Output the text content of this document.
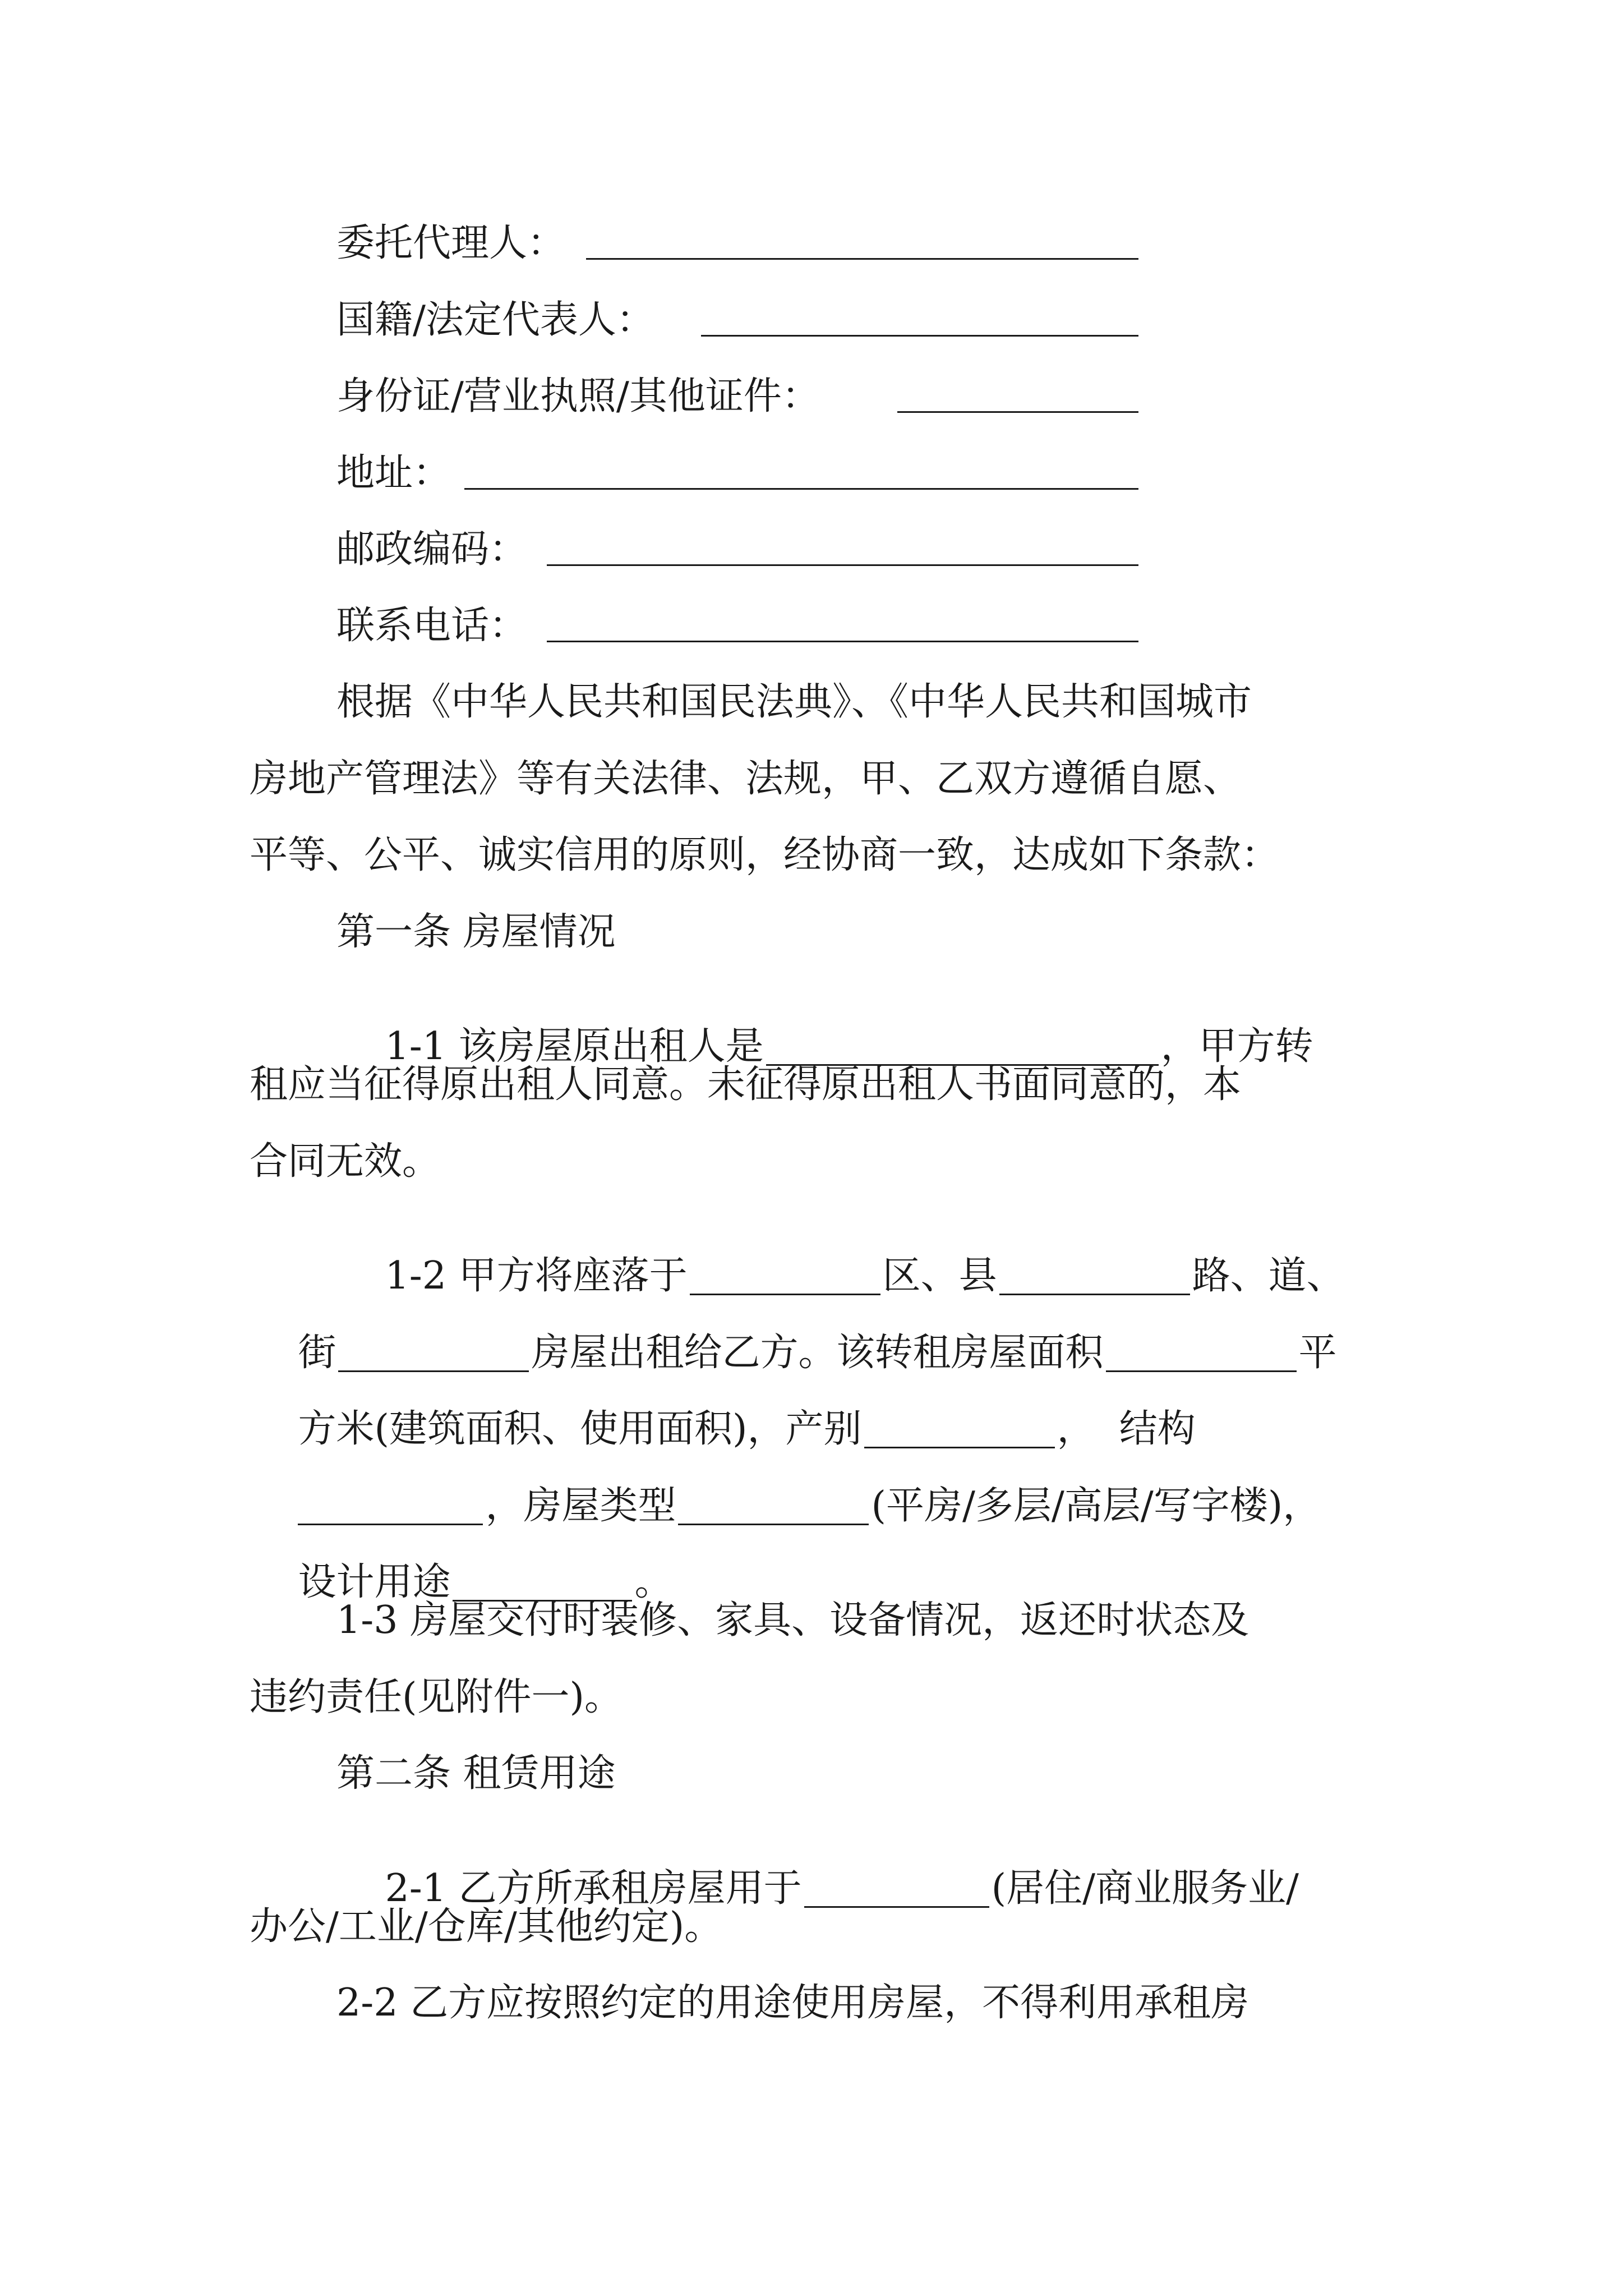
委托代理人：

国籍/法定代表人：

身份证/营业执照/其他证件：

地址：

邮政编码：

联系电话：

根据《中华人民共和国民法典》、《中华人民共和国城市
房地产管理法》等有关法律、法规，甲、乙双方遵循自愿、
平等、公平、诚实信用的原则，经协商一致，达成如下条款：
第一条 房屋情况

1-1 该房屋原出租人是	，甲方转

租应当征得原出租人同意。未征得原出租人书面同意的，本
合同无效。

1-2 甲方将座落于	区、县	路、道、

街	房屋出租给乙方。该转租房屋面积	平

方米(建筑面积、使用面积)，产别	，  结构

，房屋类型	(平房/多层/高层/写字楼)，

设计用途	。

1-3 房屋交付时装修、家具、设备情况，返还时状态及
违约责任(见附件一)。
第二条 租赁用途

2-1 乙方所承租房屋用于	(居住/商业服务业/

办公/工业/仓库/其他约定)。
2-2 乙方应按照约定的用途使用房屋，不得利用承租房
